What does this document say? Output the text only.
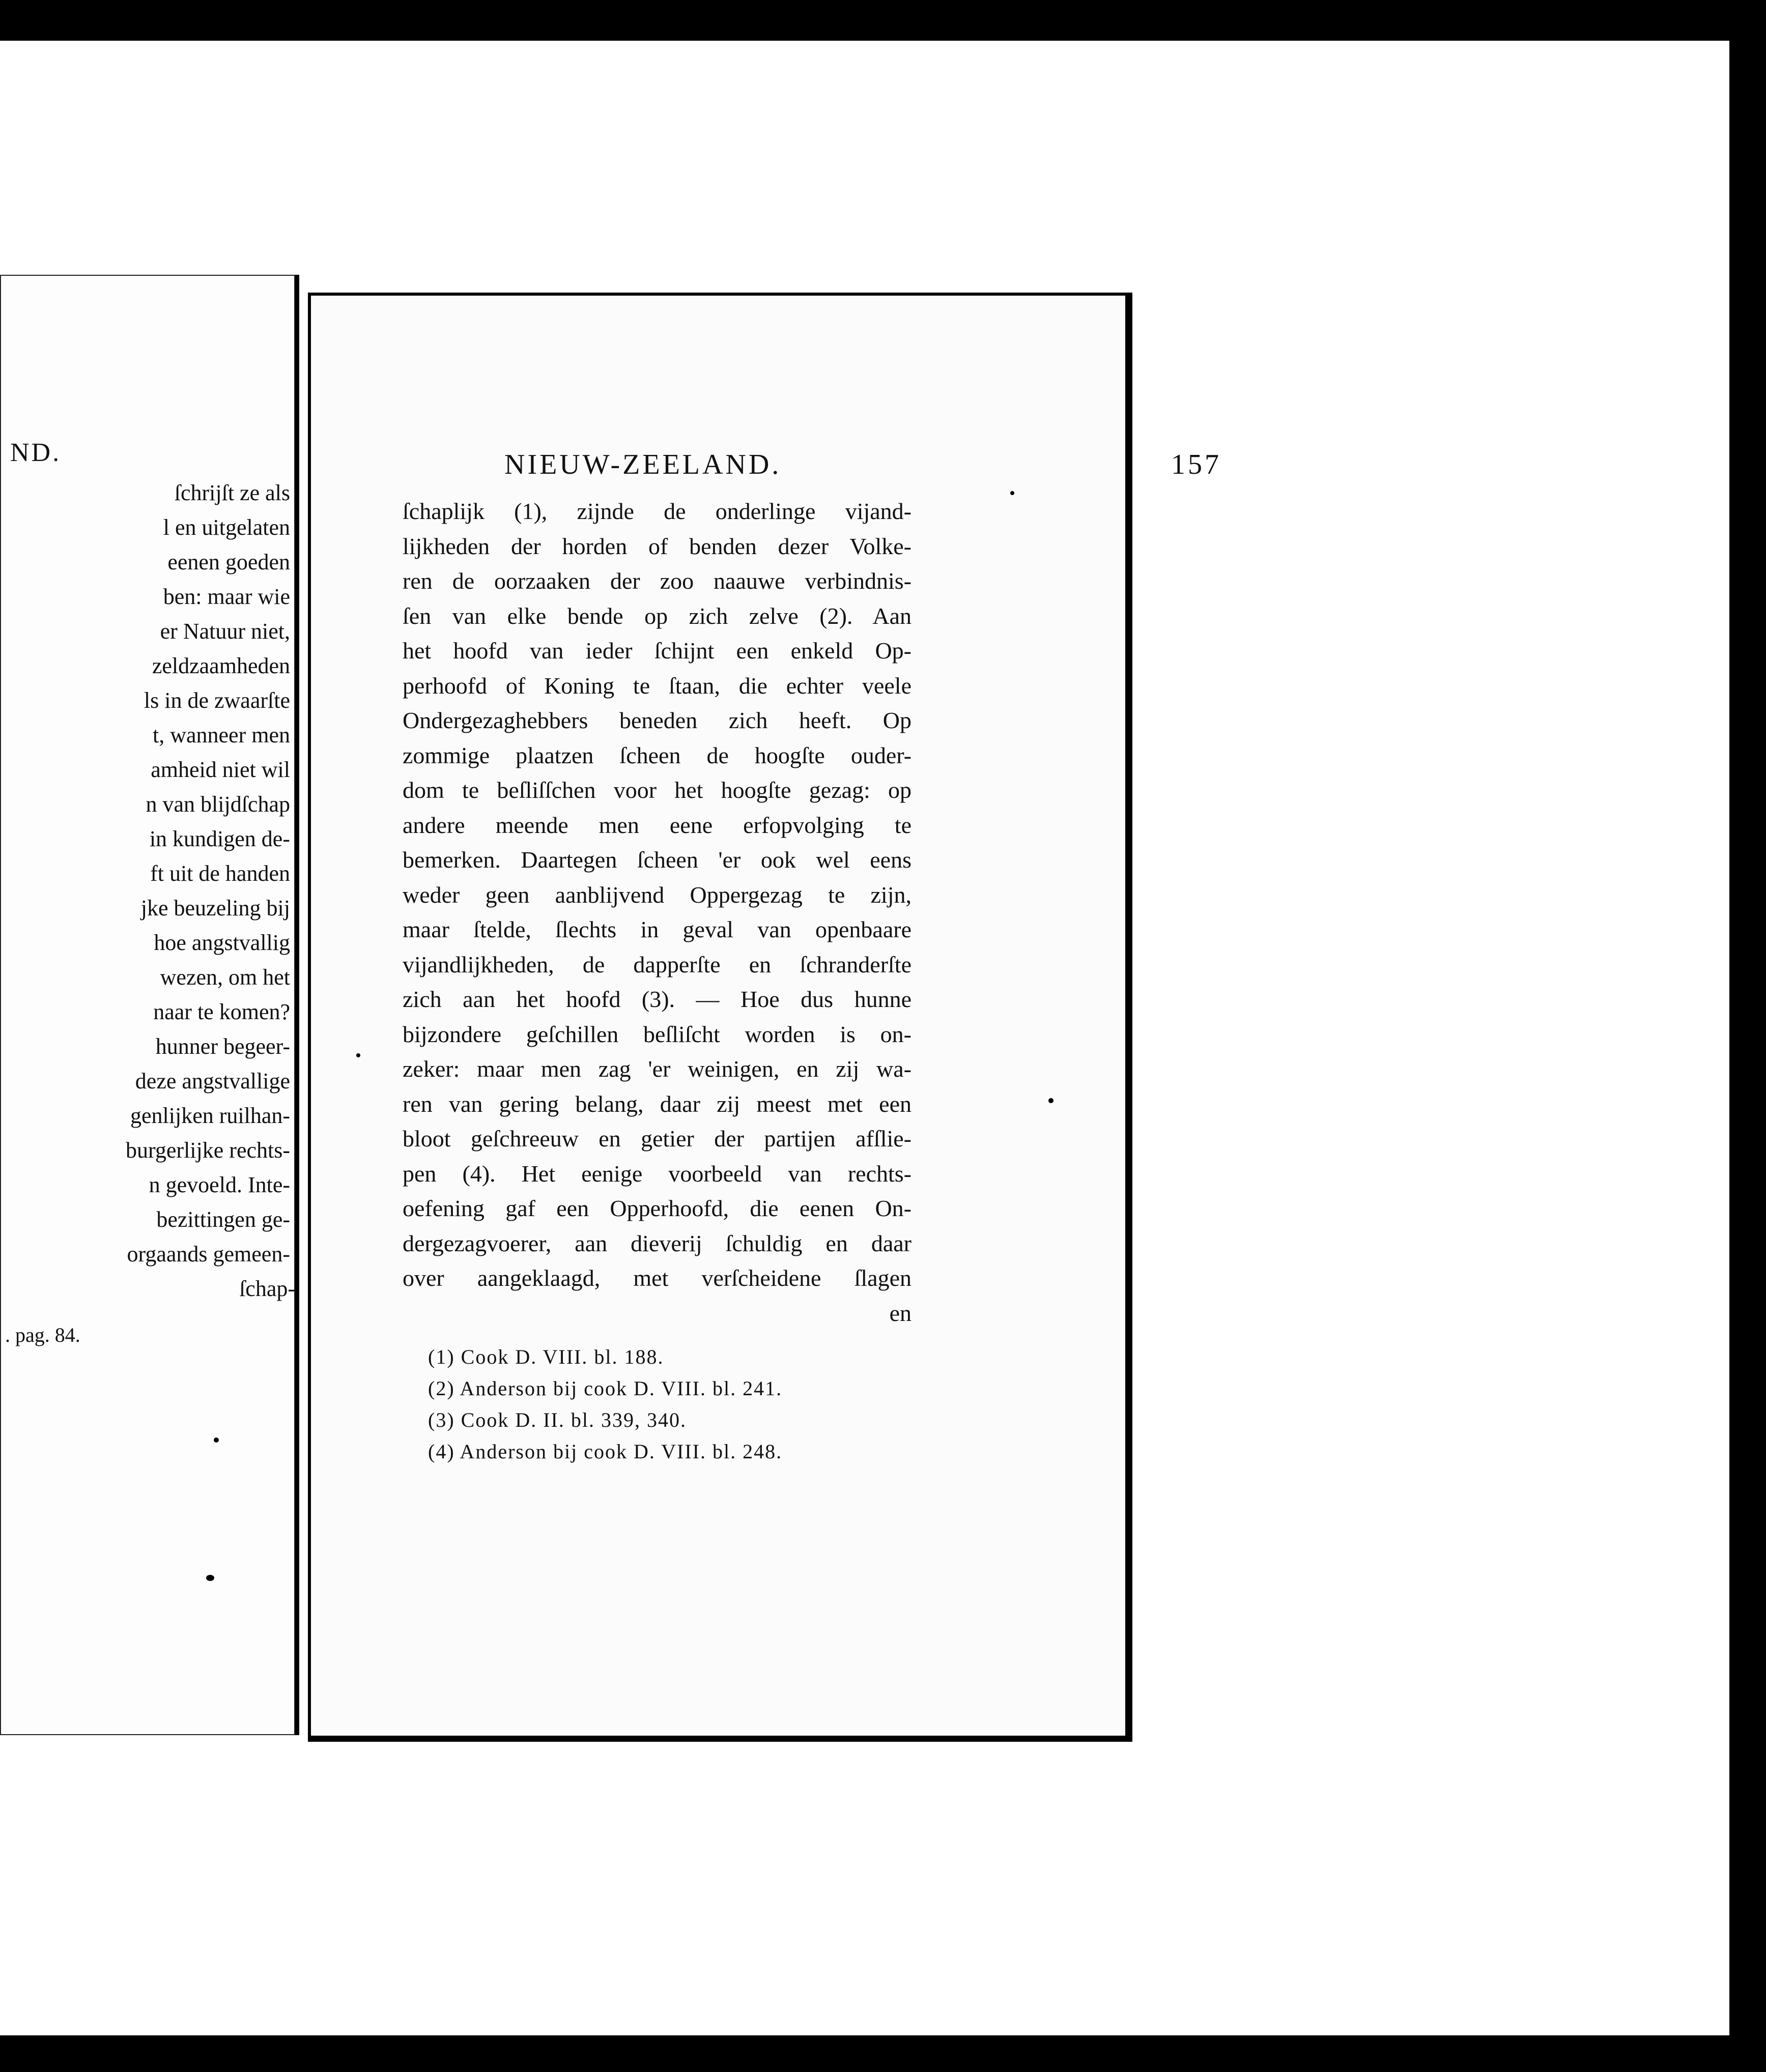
ND.
ſchrijſt ze als
l en uitgelaten
eenen goeden
ben: maar wie
er Natuur niet,
zeldzaamheden
ls in de zwaarſte
t, wanneer men
amheid niet wil
n van blijdſchap
in kundigen de-
ft uit de handen
jke beuzeling bij
hoe angstvallig
wezen, om het
naar te komen?
hunner begeer-
deze angstvallige
genlijken ruilhan-
burgerlijke rechts-
n gevoeld. Inte-
bezittingen ge-
orgaands gemeen-
ſchap-
. pag. 84.
NIEUW-ZEELAND.	157
ſchaplijk (1), zijnde de onderlinge vijand-
lijkheden der horden of benden dezer Volke-
ren de oorzaaken der zoo naauwe verbindnis-
ſen van elke bende op zich zelve (2). Aan
het hoofd van ieder ſchijnt een enkeld Op-
perhoofd of Koning te ſtaan, die echter veele
Ondergezaghebbers beneden zich heeft. Op
zommige plaatzen ſcheen de hoogſte ouder-
dom te beſliſſchen voor het hoogſte gezag: op
andere meende men eene erfopvolging te
bemerken. Daartegen ſcheen 'er ook wel eens
weder geen aanblijvend Oppergezag te zijn,
maar ſtelde, ſlechts in geval van openbaare
vijandlijkheden, de dapperſte en ſchranderſte
zich aan het hoofd (3). — Hoe dus hunne
bijzondere geſchillen beſliſcht worden is on-
zeker: maar men zag 'er weinigen, en zij wa-
ren van gering belang, daar zij meest met een
bloot geſchreeuw en getier der partijen afſlie-
pen (4). Het eenige voorbeeld van rechts-
oefening gaf een Opperhoofd, die eenen On-
dergezagvoerer, aan dieverij ſchuldig en daar
over aangeklaagd, met verſcheidene ſlagen
en
(1) Cook D. VIII. bl. 188.
(2) Anderson bij cook D. VIII. bl. 241.
(3) Cook D. II. bl. 339, 340.
(4) Anderson bij cook D. VIII. bl. 248.
